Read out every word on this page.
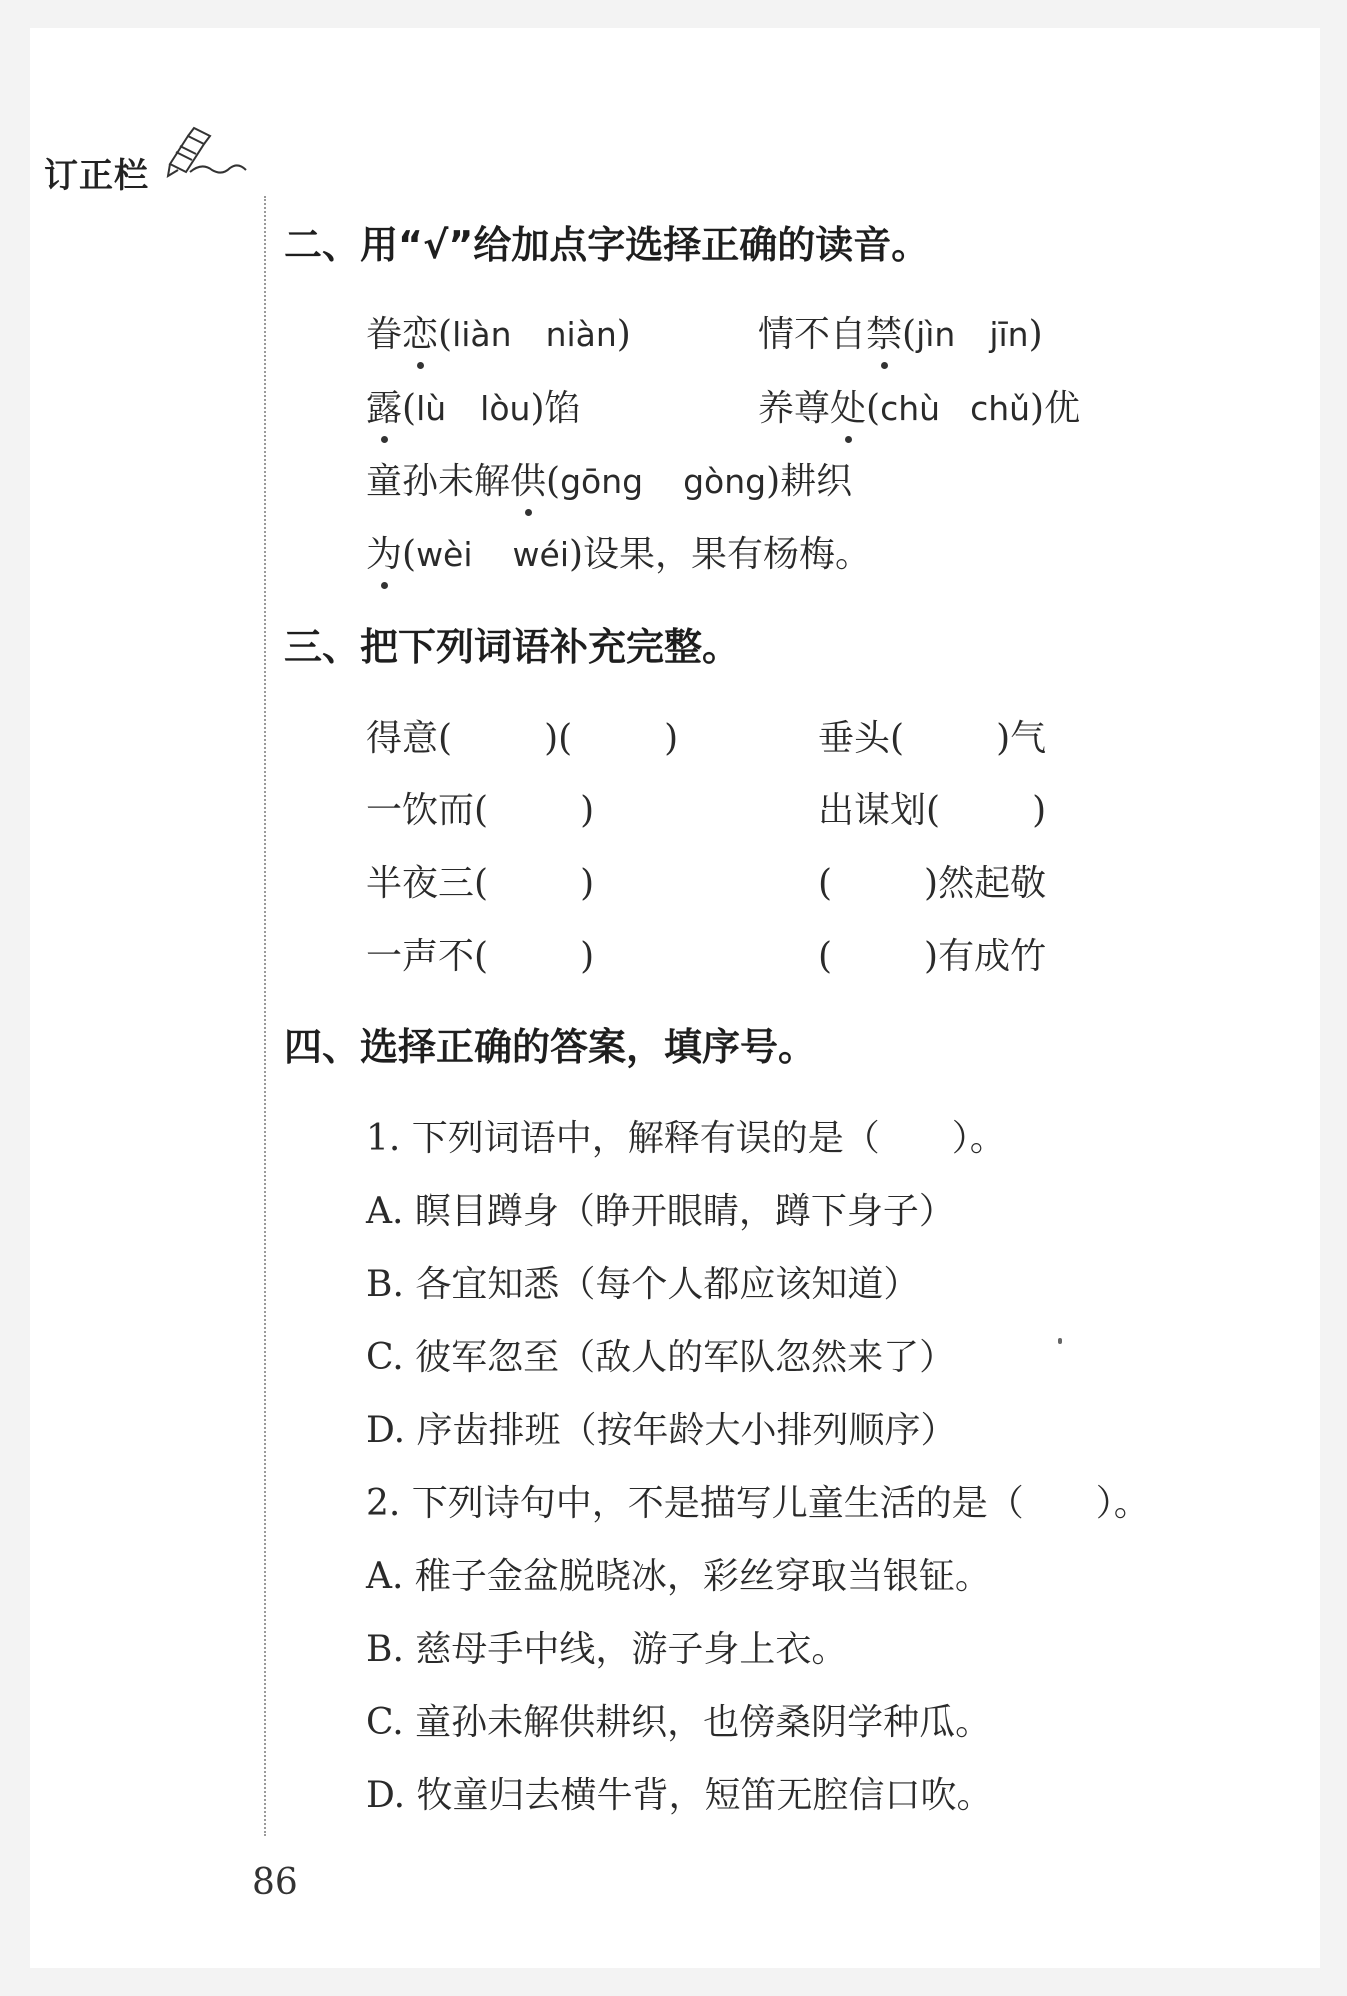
订正栏
二、用“√”给加点字选择正确的读音。
眷恋(liàn niàn)	情不自禁(jìn jīn)
露(lù lòu)馅	养尊处(chù chǔ)优
童孙未解供(gōng gòng)耕织
为(wèi wéi)设果，果有杨梅。
三、把下列词语补充完整。
得意(	)(	)	垂头(	)气
一饮而(	)	出谋划(	)
半夜三(	)	(	)然起敬
一声不(	)	(	)有成竹
四、选择正确的答案，填序号。
1. 下列词语中，解释有误的是（　　）。
A. 瞑目蹲身（睁开眼睛，蹲下身子）
B. 各宜知悉（每个人都应该知道）
C. 彼军忽至（敌人的军队忽然来了）
D. 序齿排班（按年龄大小排列顺序）
2. 下列诗句中，不是描写儿童生活的是（　　）。
A. 稚子金盆脱晓冰，彩丝穿取当银钲。
B. 慈母手中线，游子身上衣。
C. 童孙未解供耕织，也傍桑阴学种瓜。
D. 牧童归去横牛背，短笛无腔信口吹。
86
